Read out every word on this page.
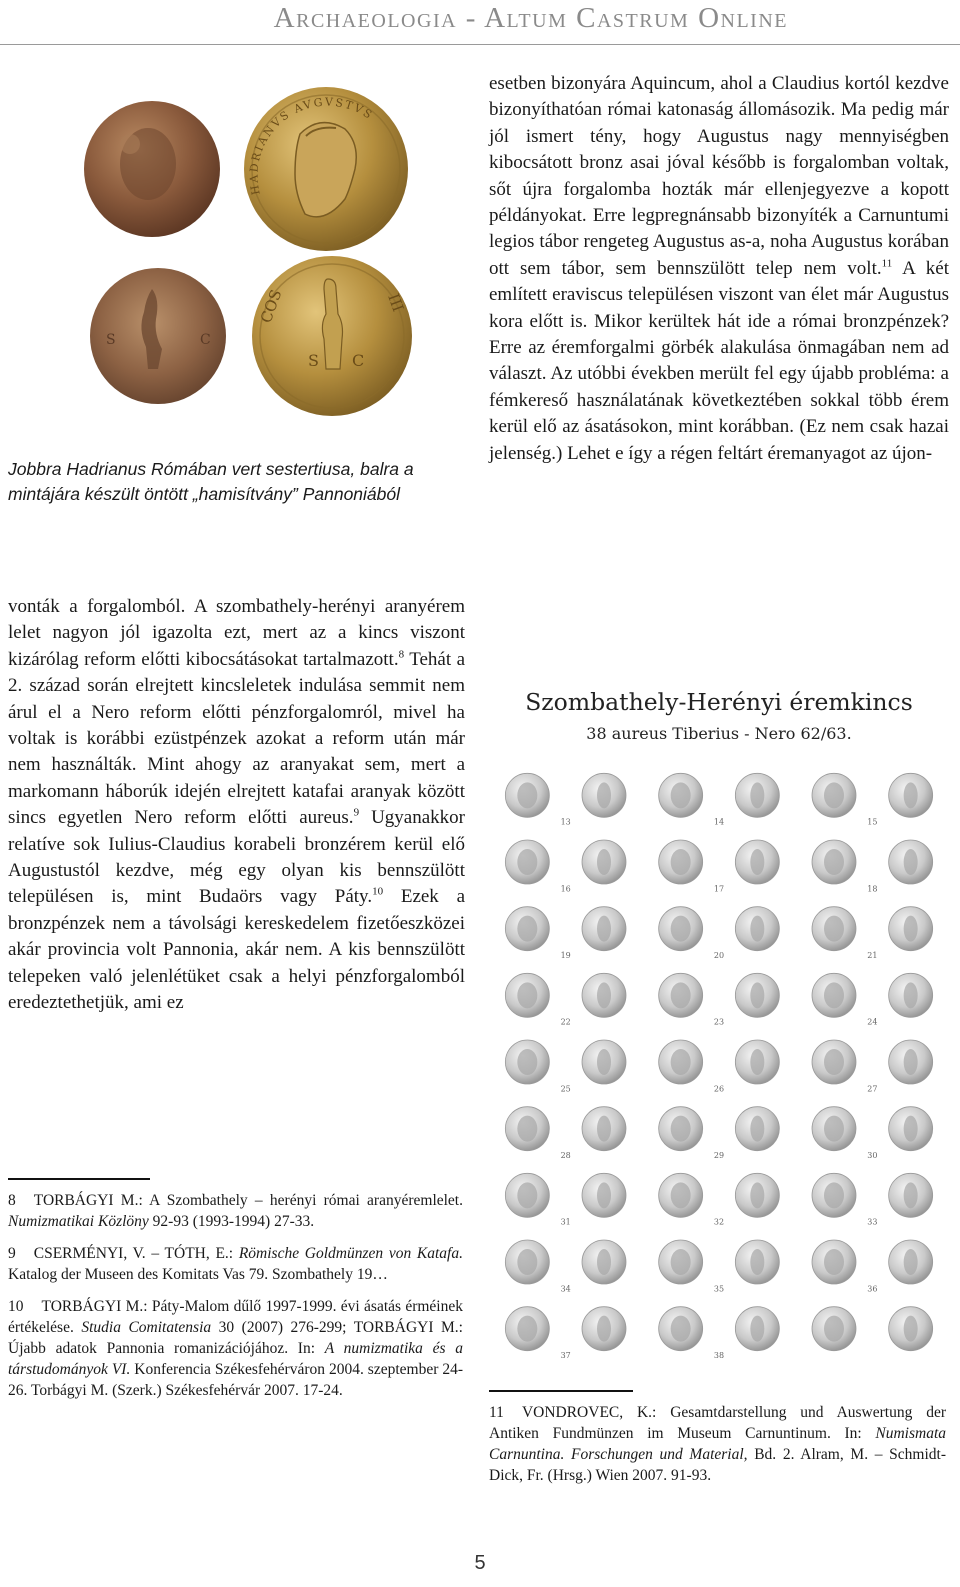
Archaeologia - Altum Castrum Online
HADRIANVS AVGVSTVS
S	C
COS	III
S C
Jobbra Hadrianus Rómában vert sestertiusa, balra a mintájára készült öntött „hamisítvány” Pannoniából

vonták a forgalomból. A szombathely-herényi aranyérem lelet nagyon jól igazolta ezt, mert az a kincs viszont kizárólag reform előtti kibocsátásokat tartalmazott.$^8$ Tehát a 2. század során elrejtett kincsleletek indulása semmit nem árul el a Nero reform előtti pénzforgalomról, mivel ha voltak is korábbi ezüstpénzek azokat a reform után már nem használták. Mint ahogy az aranyakat sem, mert a markomann háborúk idején elrejtett katafai aranyak között sincs egyetlen Nero reform előtti aureus.$^9$ Ugyanakkor relatíve sok Iulius-Claudius korabeli bronzérem kerül elő Augustustól kezdve, még egy olyan kis bennszülött településen is, mint Budaörs vagy Páty.$^{10}$ Ezek a bronzpénzek nem a távolsági kereskedelem fizetőeszközei akár provincia volt Pannonia, akár nem. A kis bennszülött telepeken való jelenlétüket csak a helyi pénzforgalomból eredeztethetjük, ami ez

esetben bizonyára Aquincum, ahol a Claudius kortól kezdve bizonyíthatóan római katonaság állomásozik. Ma pedig már jól ismert tény, hogy Augustus nagy mennyiségben kibocsátott bronz asai jóval később is forgalomban voltak, sőt újra forgalomba hozták már ellenjegyezve a kopott példányokat. Erre legpregnánsabb bizonyíték a Carnuntumi legios tábor rengeteg Augustus as-a, noha Augustus korában ott sem tábor, sem bennszülött telep nem volt.$^{11}$ A két említett eraviscus településen viszont van élet már Augustus kora előtt is. Mikor kerültek hát ide a római bronzpénzek? Erre az éremforgalmi görbék alakulása önmagában nem ad választ. Az utóbbi években merült fel egy újabb probléma: a fémkereső használatának következtében sokkal több érem kerül elő az ásatásokon, mint korábban. (Ez nem csak hazai jelenség.) Lehet e így a régen feltárt éremanyagot az újon-

Szombathely-Herényi éremkincs
38 aureus Tiberius - Nero 62/63.
13	14	15
16	17	18
19	20	21
22	23	24
25	26	27
28	29	30
31	32	33
34	35	36
37	38

8 TORBÁGYI M.: A Szombathely – herényi római aranyéremlelet. Numizmatikai Közlöny 92-93 (1993-1994) 27-33.

9 CSERMÉNYI, V. – TÓTH, E.: Römische Goldmünzen von Katafa. Katalog der Museen des Komitats Vas 79. Szombathely 19…

10 TORBÁGYI M.: Páty-Malom dűlő 1997-1999. évi ásatás érméinek értékelése. Studia Comitatensia 30 (2007) 276-299; TORBÁGYI M.: Újabb adatok Pannonia romanizációjához. In: A numizmatika és a társtudományok VI. Konferencia Székesfehérváron 2004. szeptember 24-26. Torbágyi M. (Szerk.) Székesfehérvár 2007. 17-24.

11 VONDROVEC, K.: Gesamtdarstellung und Auswertung der Antiken Fundmünzen im Museum Carnuntinum. In: Numismata Carnuntina. Forschungen und Material, Bd. 2. Alram, M. – Schmidt-Dick, Fr. (Hrsg.) Wien 2007. 91-93.

5
